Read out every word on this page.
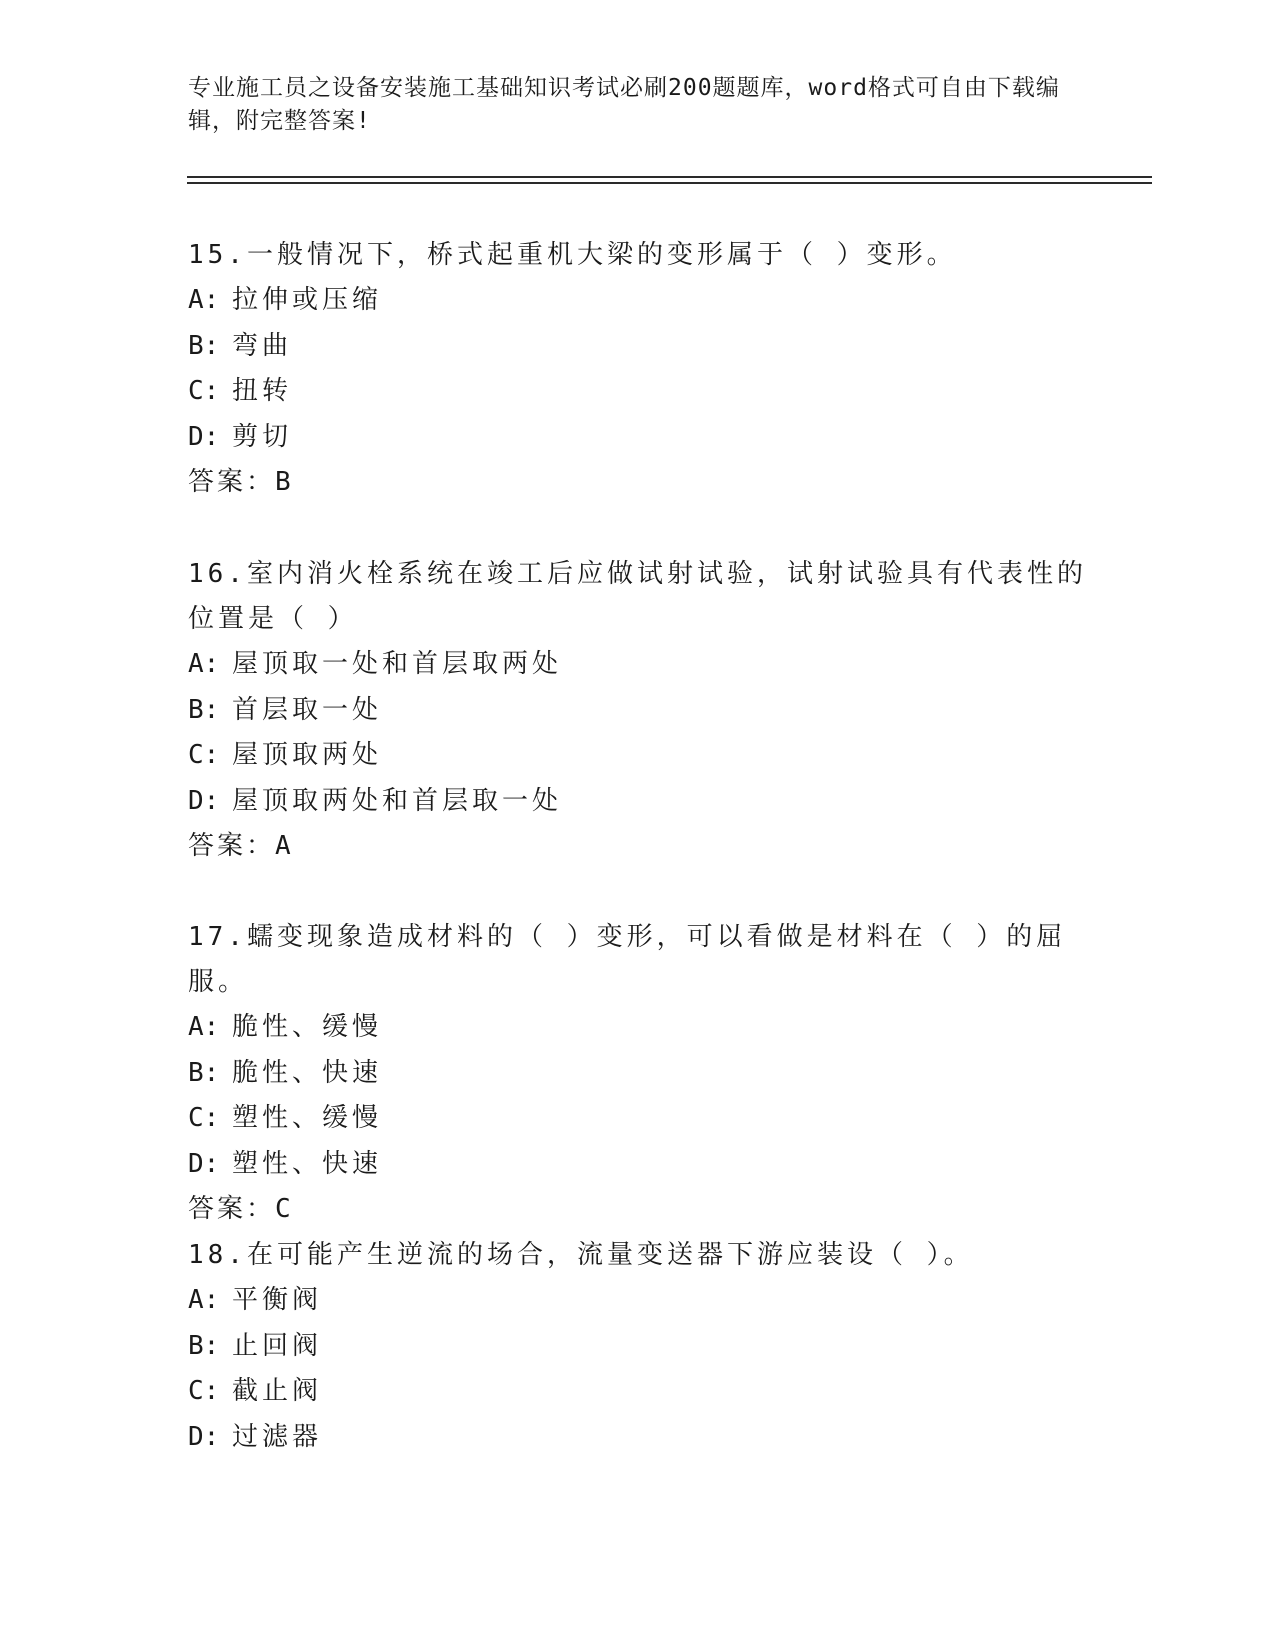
专业施工员之设备安装施工基础知识考试必刷200题题库，word格式可自由下载编辑，附完整答案!

15.一般情况下，桥式起重机大梁的变形属于（ ）变形。

A: 拉伸或压缩
B: 弯曲
C: 扭转
D: 剪切

答案：B

16.室内消火栓系统在竣工后应做试射试验，试射试验具有代表性的位置是（ ）

A: 屋顶取一处和首层取两处
B: 首层取一处
C: 屋顶取两处
D: 屋顶取两处和首层取一处

答案：A

17.蠕变现象造成材料的（ ）变形，可以看做是材料在（ ）的屈服。

A: 脆性、缓慢
B: 脆性、快速
C: 塑性、缓慢
D: 塑性、快速

答案：C

18.在可能产生逆流的场合，流量变送器下游应装设（ ）。

A: 平衡阀
B: 止回阀
C: 截止阀
D: 过滤器
